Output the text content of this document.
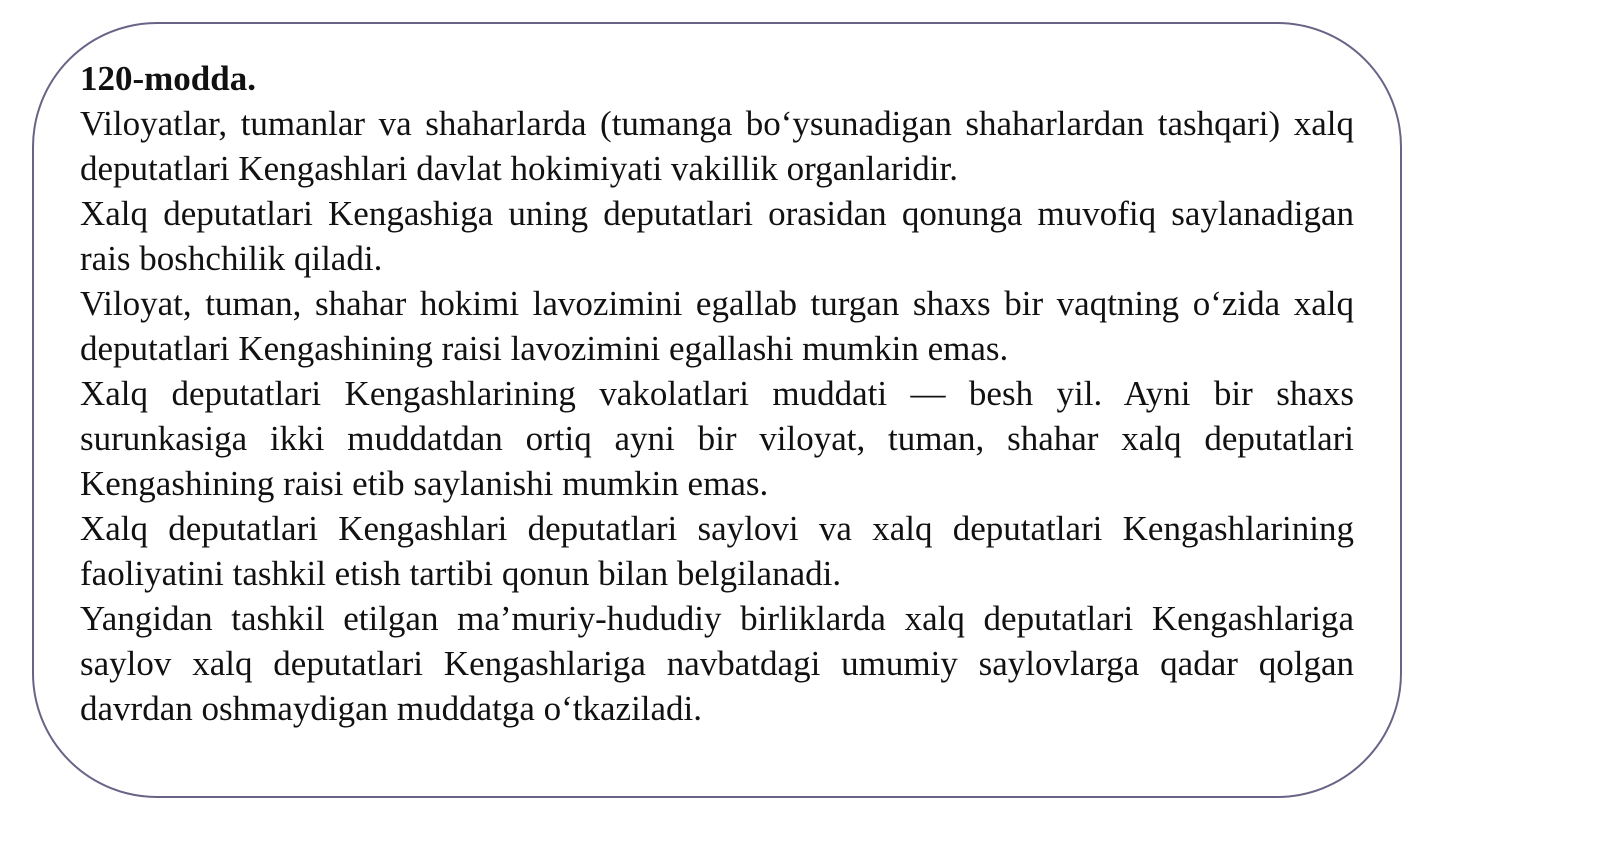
120-modda.

Viloyatlar, tumanlar va shaharlarda (tumanga bo‘ysunadigan shaharlardan tashqari) xalq deputatlari Kengashlari davlat hokimiyati vakillik organlaridir.

Xalq deputatlari Kengashiga uning deputatlari orasidan qonunga muvofiq saylanadigan rais boshchilik qiladi.

Viloyat, tuman, shahar hokimi lavozimini egallab turgan shaxs bir vaqtning o‘zida xalq deputatlari Kengashining raisi lavozimini egallashi mumkin emas.

Xalq deputatlari Kengashlarining vakolatlari muddati — besh yil. Ayni bir shaxs surunkasiga ikki muddatdan ortiq ayni bir viloyat, tuman, shahar xalq deputatlari Kengashining raisi etib saylanishi mumkin emas.

Xalq deputatlari Kengashlari deputatlari saylovi va xalq deputatlari Kengashlarining faoliyatini tashkil etish tartibi qonun bilan belgilanadi.

Yangidan tashkil etilgan ma’muriy-hududiy birliklarda xalq deputatlari Kengashlariga saylov xalq deputatlari Kengashlariga navbatdagi umumiy saylovlarga qadar qolgan davrdan oshmaydigan muddatga o‘tkaziladi.
